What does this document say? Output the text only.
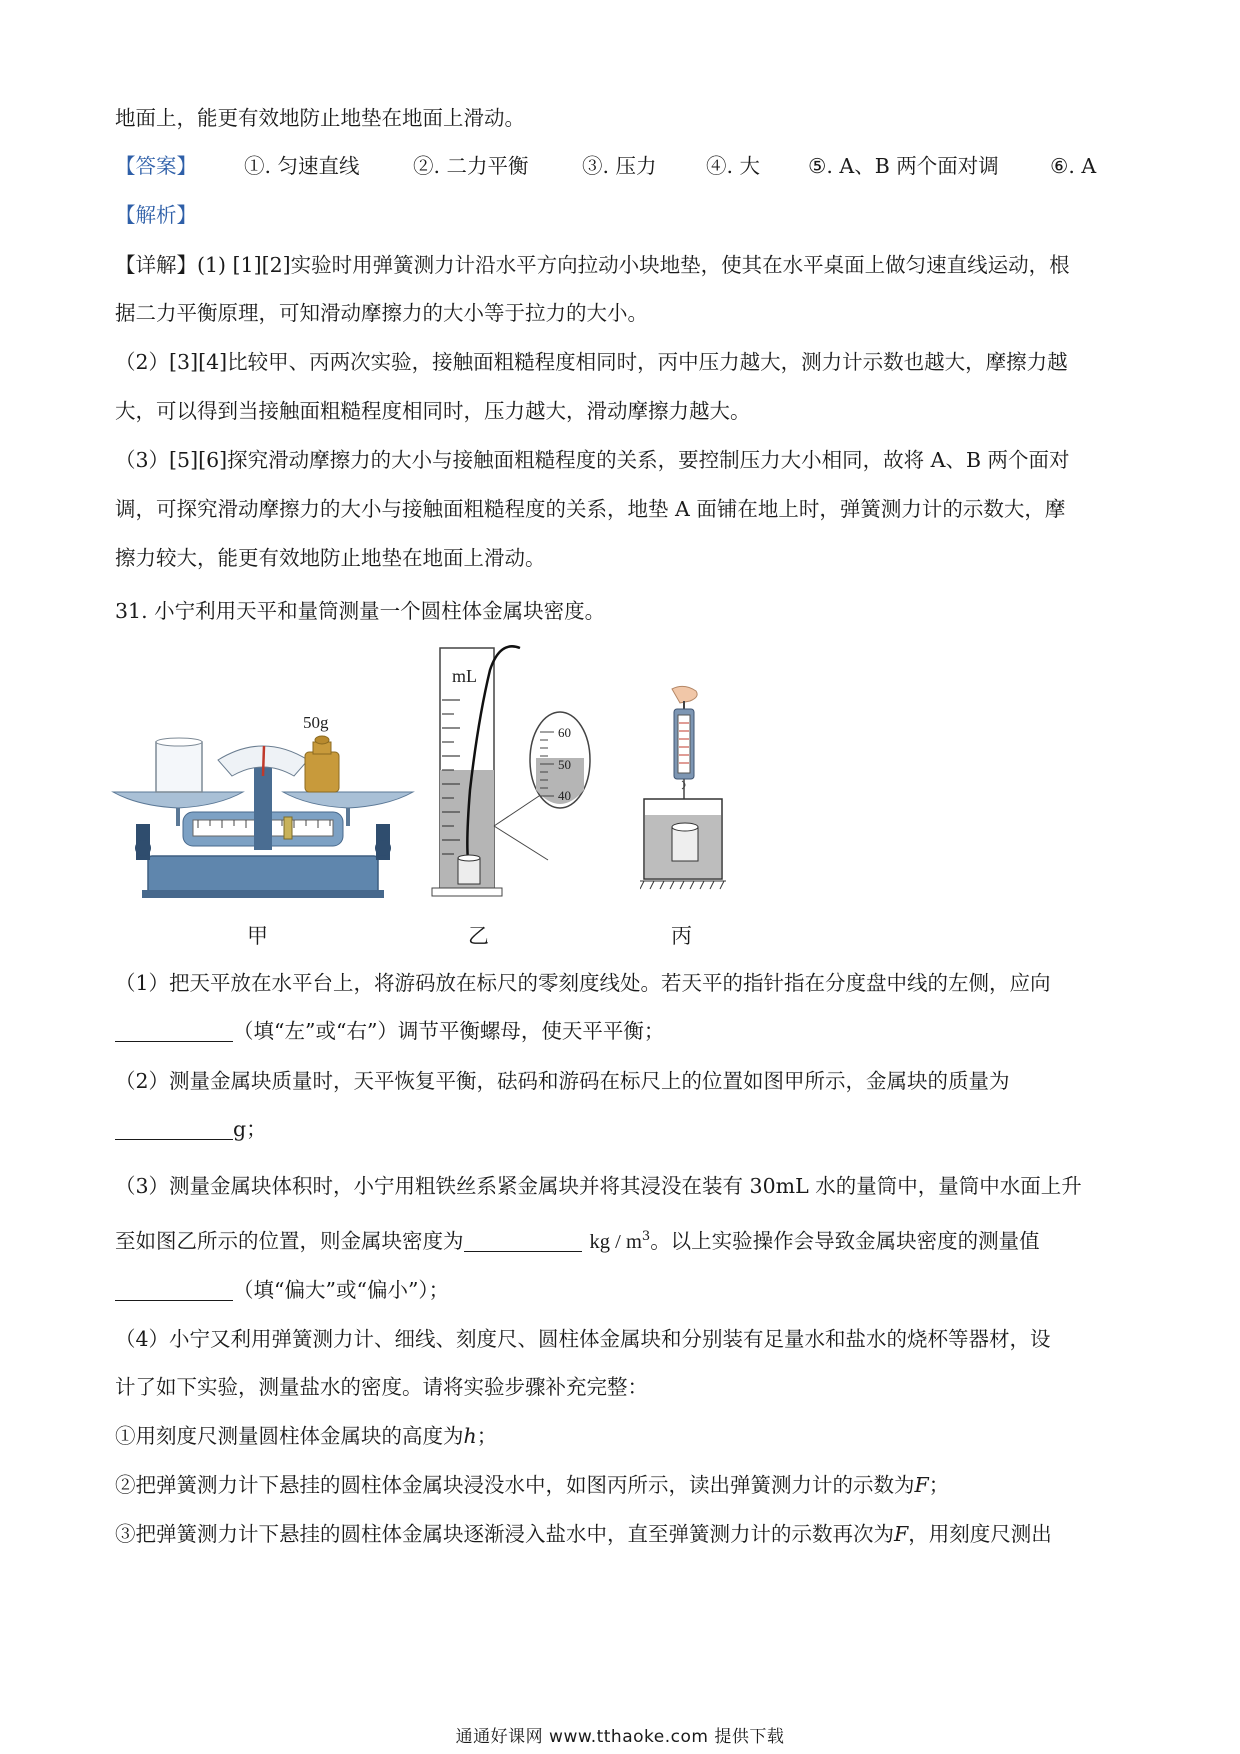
地面上，能更有效地防止地垫在地面上滑动。
【答案】 ①. 匀速直线	②. 二力平衡	③. 压力 ④. 大 ⑤. A、B 两个面对调 ⑥. A
【解析】
【详解】(1) [1][2]实验时用弹簧测力计沿水平方向拉动小块地垫，使其在水平桌面上做匀速直线运动，根
据二力平衡原理，可知滑动摩擦力的大小等于拉力的大小。
（2）[3][4]比较甲、丙两次实验，接触面粗糙程度相同时，丙中压力越大，测力计示数也越大，摩擦力越
大，可以得到当接触面粗糙程度相同时，压力越大，滑动摩擦力越大。
（3）[5][6]探究滑动摩擦力的大小与接触面粗糙程度的关系，要控制压力大小相同，故将 A、B 两个面对
调，可探究滑动摩擦力的大小与接触面粗糙程度的关系，地垫 A 面铺在地上时，弹簧测力计的示数大，摩
擦力较大，能更有效地防止地垫在地面上滑动。
31. 小宁利用天平和量筒测量一个圆柱体金属块密度。
50g
mL
60
50
40
甲	乙	丙
（1）把天平放在水平台上，将游码放在标尺的零刻度线处。若天平的指针指在分度盘中线的左侧，应向
（填“左”或“右”）调节平衡螺母，使天平平衡；
（2）测量金属块质量时，天平恢复平衡，砝码和游码在标尺上的位置如图甲所示，金属块的质量为
g；
（3）测量金属块体积时，小宁用粗铁丝系紧金属块并将其浸没在装有 30mL 水的量筒中，量筒中水面上升
至如图乙所示的位置，则金属块密度为	kg / $m^3$。以上实验操作会导致金属块密度的测量值
（填“偏大”或“偏小”）；
（4）小宁又利用弹簧测力计、细线、刻度尺、圆柱体金属块和分别装有足量水和盐水的烧杯等器材，设
计了如下实验，测量盐水的密度。请将实验步骤补充完整：
①用刻度尺测量圆柱体金属块的高度为h；
②把弹簧测力计下悬挂的圆柱体金属块浸没水中，如图丙所示，读出弹簧测力计的示数为F；
③把弹簧测力计下悬挂的圆柱体金属块逐渐浸入盐水中，直至弹簧测力计的示数再次为F，用刻度尺测出
通通好课网 www.tthaoke.com 提供下载
